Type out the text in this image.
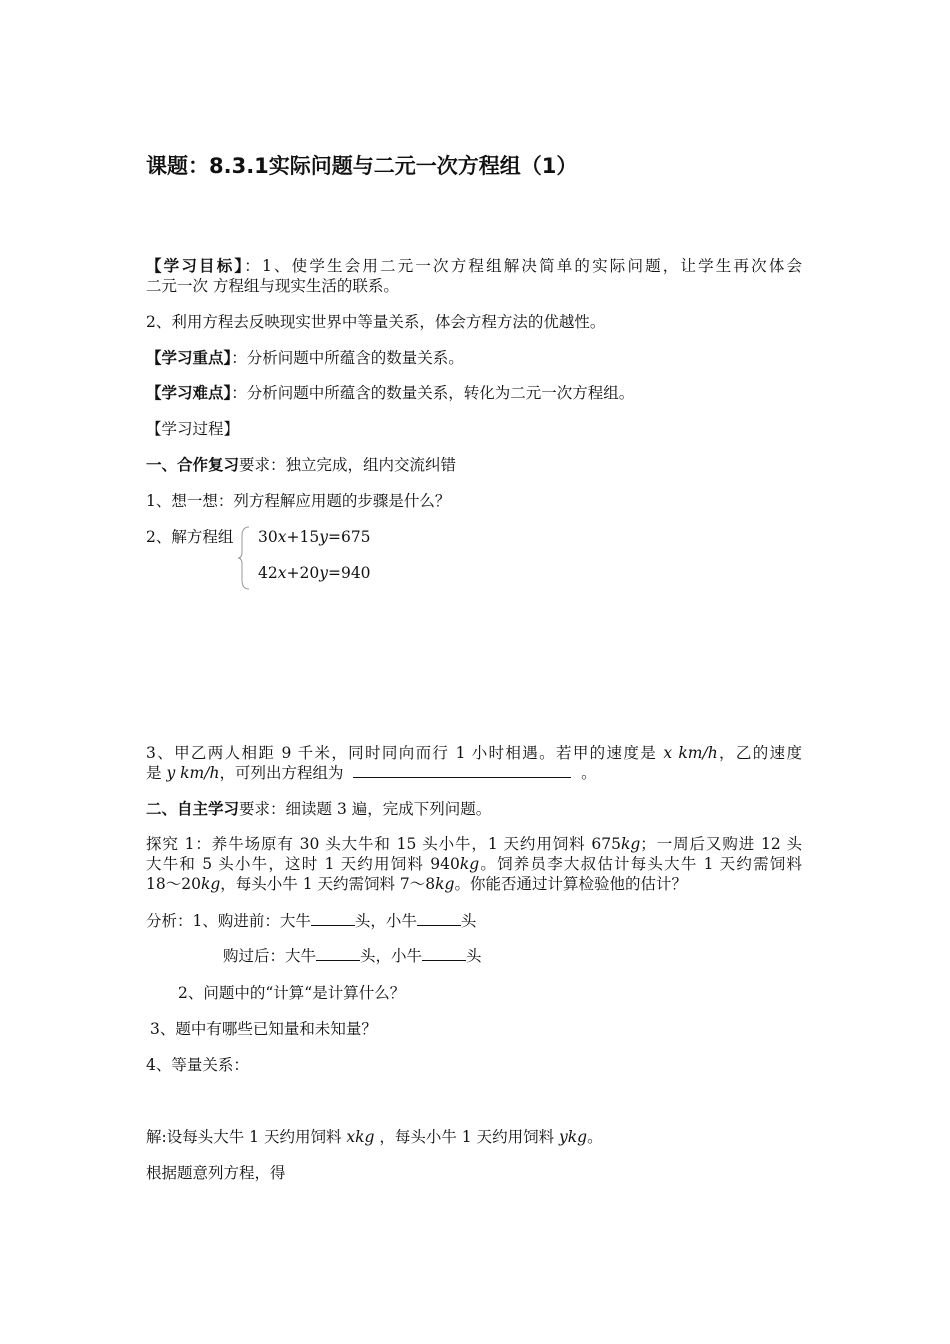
课题：8.3.1实际问题与二元一次方程组（1）
【学习目标】：1、使学生会用二元一次方程组解决简单的实际问题，让学生再次体会
二元一次 方程组与现实生活的联系。
2、利用方程去反映现实世界中等量关系，体会方程方法的优越性。
【学习重点】：分析问题中所蕴含的数量关系。
【学习难点】：分析问题中所蕴含的数量关系，转化为二元一次方程组。
【学习过程】
一、合作复习要求：独立完成，组内交流纠错
1、想一想：列方程解应用题的步骤是什么？
2、解方程组 30x+15y=675
42x+20y=940
3、甲乙两人相距 9 千米，同时同向而行 1 小时相遇。若甲的速度是 x km/h，乙的速度
是 y km/h，可列出方程组为	。
二、自主学习要求：细读题 3 遍，完成下列问题。
探究 1：养牛场原有 30 头大牛和 15 头小牛，1 天约用饲料 675kg；一周后又购进 12 头
大牛和 5 头小牛，这时 1 天约用饲料 940kg。饲养员李大叔估计每头大牛 1 天约需饲料
18～20kg，每头小牛 1 天约需饲料 7～8kg。你能否通过计算检验他的估计？
分析：1、购进前：大牛	头，小牛	头
购过后：大牛	头，小牛	头
2、问题中的“计算“是计算什么？
3、题中有哪些已知量和未知量？
4、等量关系：
解:设每头大牛 1 天约用饲料 xkg ，每头小牛 1 天约用饲料 ykg。
根据题意列方程，得
